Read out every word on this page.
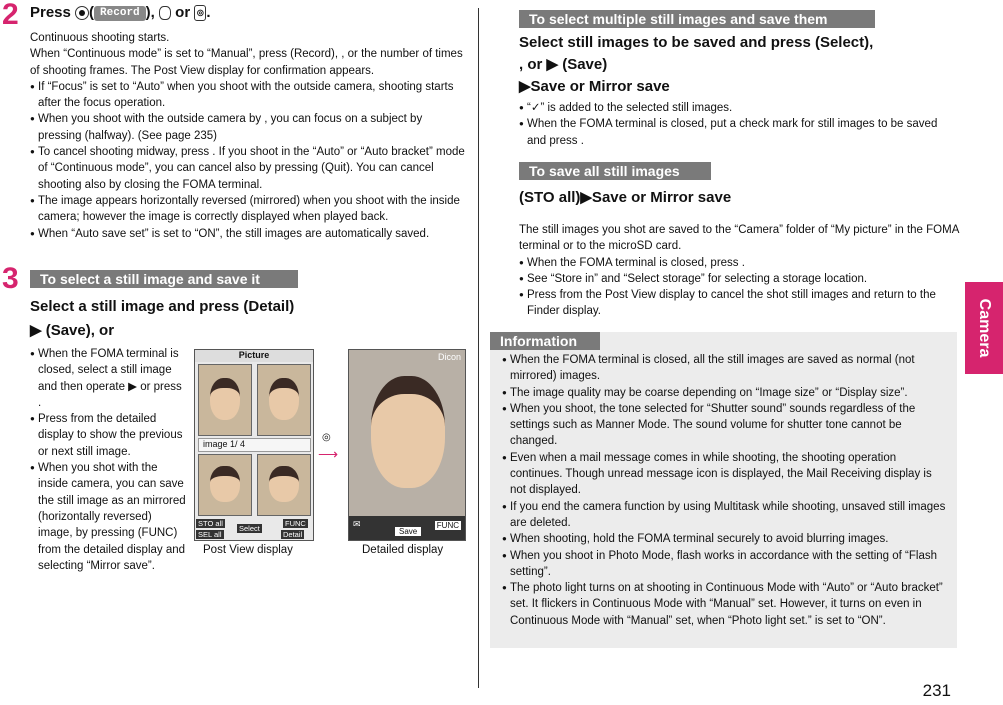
Camera
231
2 Press ( Record ),  or ◎ .
Continuous shooting starts.
When “Continuous mode” is set to “Manual”, press (Record), , or the number of times of shooting frames. The Post View display for confirmation appears.
● If “Focus” is set to “Auto” when you shoot with the outside camera, shooting starts after the focus operation.
● When you shoot with the outside camera by , you can focus on a subject by pressing (halfway). (See page 235)
● To cancel shooting midway, press . If you shoot in the “Auto” or “Auto bracket” mode of “Continuous mode”, you can cancel also by pressing (Quit). You can cancel shooting also by closing the FOMA terminal.
● The image appears horizontally reversed (mirrored) when you shoot with the inside camera; however the image is correctly displayed when played back.
● When “Auto save set” is set to “ON”, the still images are automatically saved.
3	To select a still image and save it
Select a still image and press (Detail)
▶ (Save), or
● When the FOMA terminal is closed, select a still image and then operate ▶ or press .
● Press from the detailed display to show the previous or next still image.
● When you shot with the inside camera, you can save the still image as an mirrored (horizontally reversed) image, by pressing (FUNC) from the detailed display and selecting “Mirror save”.
Picture
image 1/ 4
STO all
Select
FUNC
SEL all	Detail
Post View display
◎
⟶
Dicon
✉
Save
FUNC
Detailed display
To select multiple still images and save them
Select still images to be saved and press (Select),
, or ▶ (Save)
▶Save or Mirror save
● “✓” is added to the selected still images.
● When the FOMA terminal is closed, put a check mark for still images to be saved and press .
To save all still images
(STO all)▶Save or Mirror save
The still images you shot are saved to the “Camera” folder of “My picture” in the FOMA terminal or to the microSD card.
● When the FOMA terminal is closed, press .
● See “Store in” and “Select storage” for selecting a storage location.
● Press from the Post View display to cancel the shot still images and return to the Finder display.
Information
● When the FOMA terminal is closed, all the still images are saved as normal (not mirrored) images.
● The image quality may be coarse depending on “Image size” or “Display size”.
● When you shoot, the tone selected for “Shutter sound” sounds regardless of the settings such as Manner Mode. The sound volume for shutter tone cannot be changed.
● Even when a mail message comes in while shooting, the shooting operation continues. Though unread message icon is displayed, the Mail Receiving display is not displayed.
● If you end the camera function by using Multitask while shooting, unsaved still images are deleted.
● When shooting, hold the FOMA terminal securely to avoid blurring images.
● When you shoot in Photo Mode, flash works in accordance with the setting of “Flash setting”.
● The photo light turns on at shooting in Continuous Mode with “Auto” or “Auto bracket” set. It flickers in Continuous Mode with “Manual” set. However, it turns on even in Continuous Mode with “Manual” set, when “Photo light set.” is set to “ON”.
